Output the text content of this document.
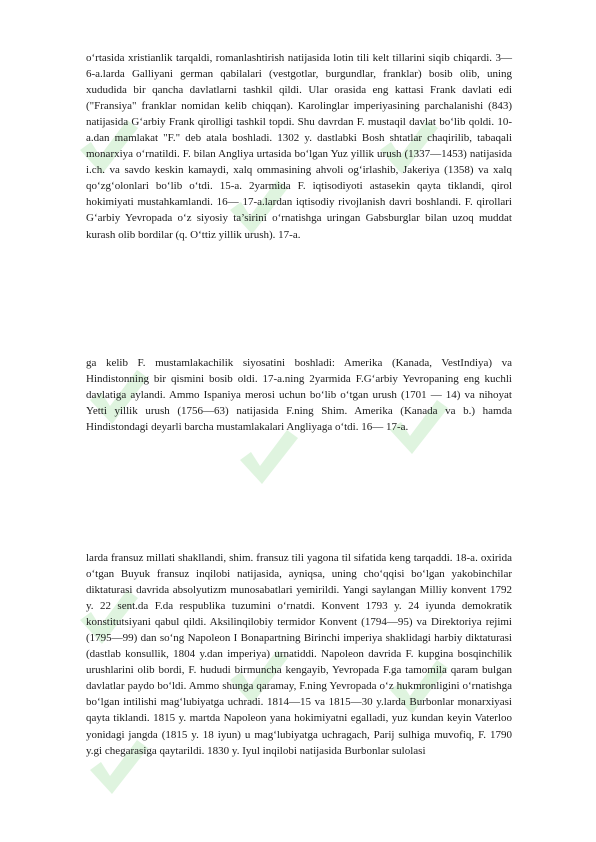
o‘rtasida xristianlik tarqaldi, romanlashtirish natijasida lotin tili kelt tillarini siqib chiqardi. 3—6-a.larda Galliyani german qabilalari (vestgotlar, burgundlar, franklar) bosib olib, uning xududida bir qancha davlatlarni tashkil qildi. Ular orasida eng kattasi Frank davlati edi ("Fransiya" franklar nomidan kelib chiqqan). Karolinglar imperiyasining parchalanishi (843) natijasida G‘arbiy Frank qirolligi tashkil topdi. Shu davrdan F. mustaqil davlat bo‘lib qoldi. 10-a.dan mamlakat "F." deb atala boshladi. 1302 y. dastlabki Bosh shtatlar chaqirilib, tabaqali monarxiya o‘rnatildi. F. bilan Angliya urtasida bo‘lgan Yuz yillik urush (1337—1453) natijasida i.ch. va savdo keskin kamaydi, xalq ommasining ahvoli og‘irlashib, Jakeriya (1358) va xalq qo‘zg‘olonlari bo‘lib o‘tdi. 15-a. 2yarmida F. iqtisodiyoti astasekin qayta tiklandi, qirol hokimiyati mustahkamlandi. 16— 17-a.lardan iqtisodiy rivojlanish davri boshlandi. F. qirollari G‘arbiy Yevropada o‘z siyosiy ta’sirini o‘rnatishga uringan Gabsburglar bilan uzoq muddat kurash olib bordilar (q. O‘ttiz yillik urush). 17-a.

ga kelib F. mustamlakachilik siyosatini boshladi: Amerika (Kanada, VestIndiya) va Hindistonning bir qismini bosib oldi. 17-a.ning 2yarmida F.G‘arbiy Yevropaning eng kuchli davlatiga aylandi. Ammo Ispaniya merosi uchun bo‘lib o‘tgan urush (1701 — 14) va nihoyat Yetti yillik urush (1756—63) natijasida F.ning Shim. Amerika (Kanada va b.) hamda Hindistondagi deyarli barcha mustamlakalari Angliyaga o‘tdi. 16— 17-a.

larda fransuz millati shakllandi, shim. fransuz tili yagona til sifatida keng tarqaddi. 18-a. oxirida o‘tgan Buyuk fransuz inqilobi natijasida, ayniqsa, uning cho‘qqisi bo‘lgan yakobinchilar diktaturasi davrida absolyutizm munosabatlari yemirildi. Yangi saylangan Milliy konvent 1792 y. 22 sent.da F.da respublika tuzumini o‘rnatdi. Konvent 1793 y. 24 iyunda demokratik konstitutsiyani qabul qildi. Aksilinqilobiy termidor Konvent (1794—95) va Direktoriya rejimi (1795—99) dan so‘ng Napoleon I Bonapartning Birinchi imperiya shaklidagi harbiy diktaturasi (dastlab konsullik, 1804 y.dan imperiya) urnatiddi. Napoleon davrida F. kupgina bosqinchilik urushlarini olib bordi, F. hududi birmuncha kengayib, Yevropada F.ga tamomila qaram bulgan davlatlar paydo bo‘ldi. Ammo shunga qaramay, F.ning Yevropada o‘z hukmronligini o‘rnatishga bo‘lgan intilishi mag‘lubiyatga uchradi. 1814—15 va 1815—30 y.larda Burbonlar monarxiyasi qayta tiklandi. 1815 y. martda Napoleon yana hokimiyatni egalladi, yuz kundan keyin Vaterloo yonidagi jangda (1815 y. 18 iyun) u mag‘lubiyatga uchragach, Parij sulhiga muvofiq, F. 1790 y.gi chegarasiga qaytarildi. 1830 y. Iyul inqilobi natijasida Burbonlar sulolasi
